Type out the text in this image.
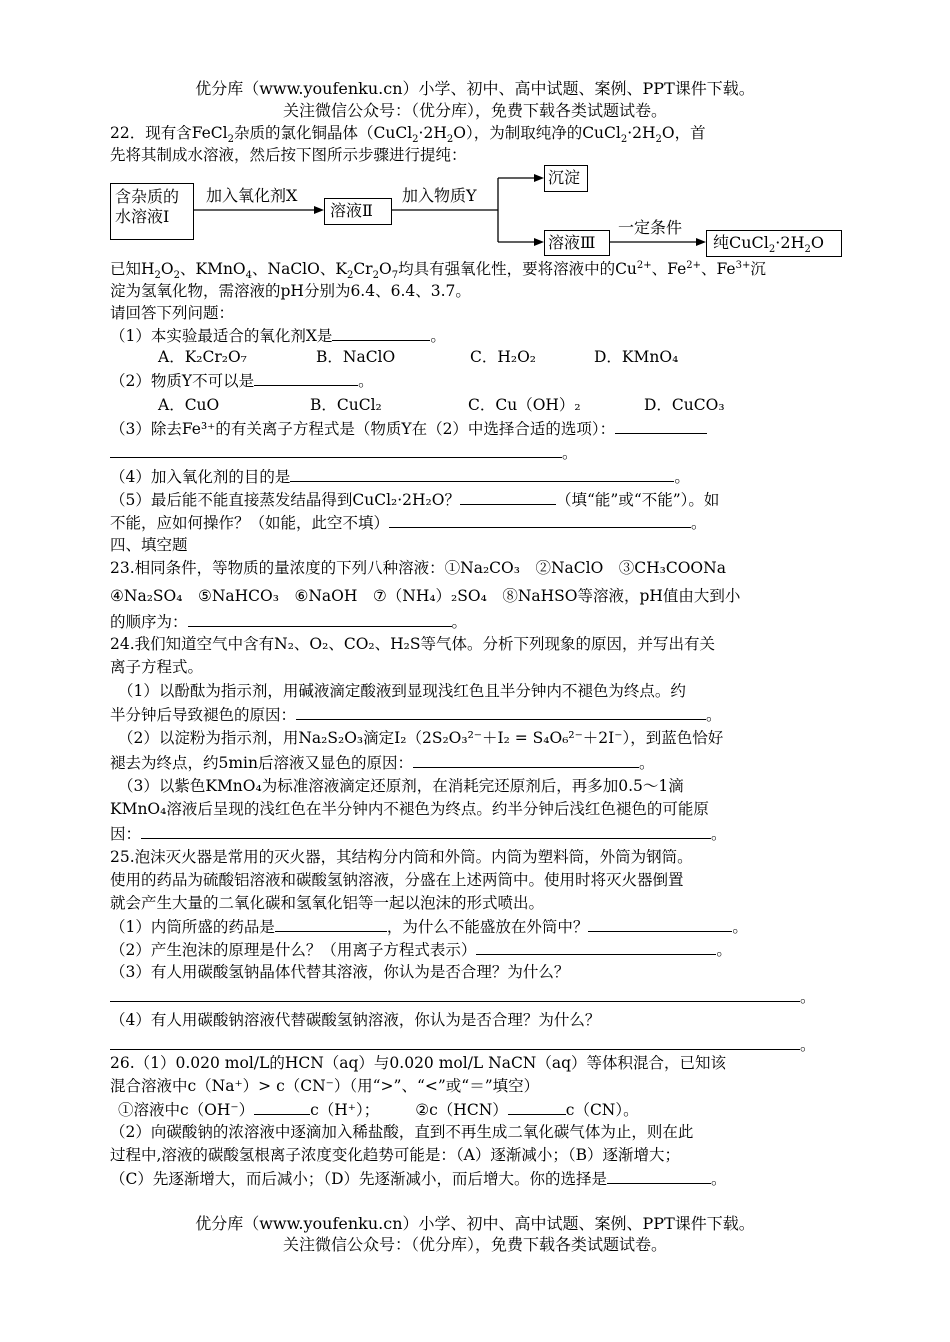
优分库（www.youfenku.cn）小学、初中、高中试题、案例、PPT课件下载。
关注微信公众号：（优分库），免费下载各类试题试卷。
22．现有含FeCl$_2$杂质的氯化铜晶体$(CuCl_2\cdot 2H_2O)$，为制取纯净的$CuCl_2\cdot 2H_2O$，首
先将其制成水溶液，然后按下图所示步骤进行提纯：
含杂质的
水溶液Ⅰ
加入氧化剂X
溶液Ⅱ
加入物质Y
沉淀
溶液Ⅲ
一定条件
纯$CuCl_2\cdot 2H_2O$
已知$H_2O_2$、KMnO$_4$、NaClO、$K_2Cr_2O_7$均具有强氧化性，要将溶液中的$Cu^{2+}$、$Fe^{2+}$、$Fe^{3+}$沉
淀为氢氧化物，需溶液的pH分别为6.4、6.4、3.7。
请回答下列问题：
（1）本实验最适合的氧化剂X是	。
A．K₂Cr₂O₇	B．NaClO	C．H₂O₂	D．KMnO₄
（2）物质Y不可以是	。
A．CuO	B．CuCl₂	C．Cu（OH）₂	D．CuCO₃
（3）除去Fe³⁺的有关离子方程式是（物质Y在（2）中选择合适的选项）：
。
（4）加入氧化剂的目的是	。
（5）最后能不能直接蒸发结晶得到CuCl₂·2H₂O？	（填“能”或“不能”）。如
不能，应如何操作？（如能，此空不填）	。
四、填空题
23.相同条件，等物质的量浓度的下列八种溶液：①Na₂CO₃　②NaClO　③CH₃COONa
④Na₂SO₄　⑤NaHCO₃　⑥NaOH　⑦（NH₄）₂SO₄　⑧NaHSO等溶液，pH值由大到小
的顺序为：	。
24.我们知道空气中含有N₂、O₂、CO₂、H₂S等气体。分析下列现象的原因，并写出有关
离子方程式。
（1）以酚酞为指示剂，用碱液滴定酸液到显现浅红色且半分钟内不褪色为终点。约
半分钟后导致褪色的原因：	。
（2）以淀粉为指示剂，用Na₂S₂O₃滴定I₂（2S₂O₃²⁻＋I₂ = S₄O₆²⁻＋2I⁻），到蓝色恰好
褪去为终点，约5min后溶液又显色的原因：	。
（3）以紫色KMnO₄为标准溶液滴定还原剂，在消耗完还原剂后，再多加0.5～1滴
KMnO₄溶液后呈现的浅红色在半分钟内不褪色为终点。约半分钟后浅红色褪色的可能原
因：	。
25.泡沫灭火器是常用的灭火器，其结构分内筒和外筒。内筒为塑料筒，外筒为钢筒。
使用的药品为硫酸铝溶液和碳酸氢钠溶液，分盛在上述两筒中。使用时将灭火器倒置
就会产生大量的二氧化碳和氢氧化铝等一起以泡沫的形式喷出。
（1）内筒所盛的药品是	，为什么不能盛放在外筒中？	。
（2）产生泡沫的原理是什么？（用离子方程式表示）	。
（3）有人用碳酸氢钠晶体代替其溶液，你认为是否合理？为什么？
。
（4）有人用碳酸钠溶液代替碳酸氢钠溶液，你认为是否合理？为什么？
。
26.（1）0.020 mol/L的HCN（aq）与0.020 mol/L NaCN（aq）等体积混合，已知该
混合溶液中c（Na⁺）> c（CN⁻）（用“>”、“<”或“＝”填空）
①溶液中c（OH⁻）	c（H⁺）； ②c（HCN）	c（CN）。
（2）向碳酸钠的浓溶液中逐滴加入稀盐酸，直到不再生成二氧化碳气体为止，则在此
过程中,溶液的碳酸氢根离子浓度变化趋势可能是：（A）逐渐减小；（B）逐渐增大；
（C）先逐渐增大，而后减小；（D）先逐渐减小，而后增大。你的选择是	。
优分库（www.youfenku.cn）小学、初中、高中试题、案例、PPT课件下载。
关注微信公众号：（优分库），免费下载各类试题试卷。
